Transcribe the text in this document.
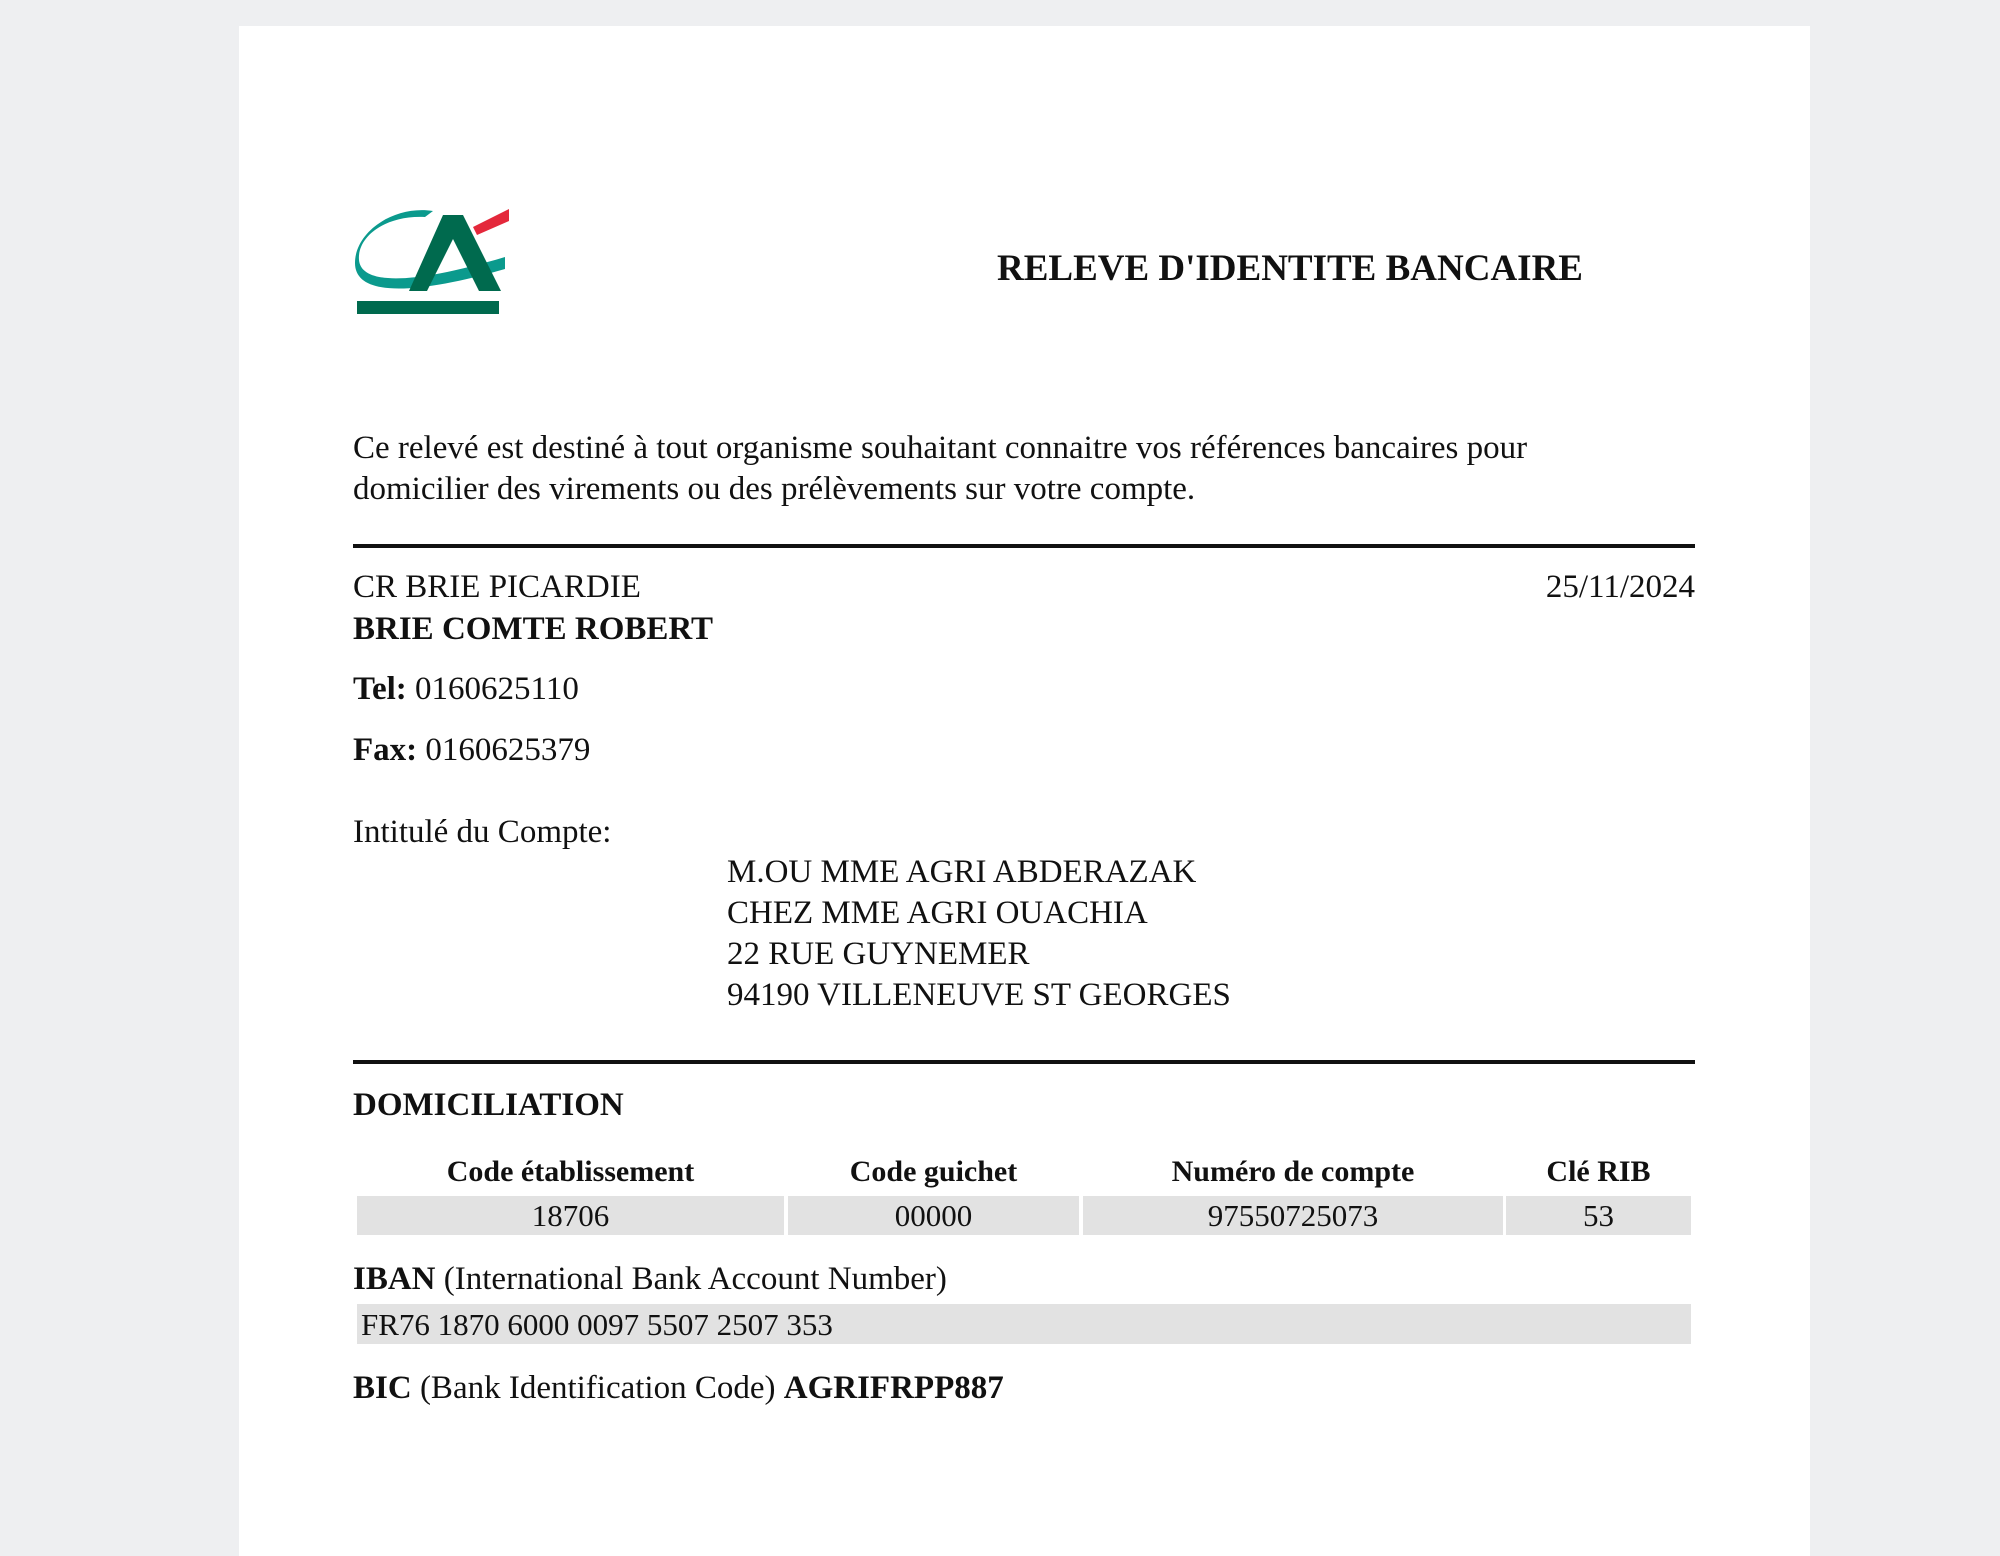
RELEVE D'IDENTITE BANCAIRE
Ce relevé est destiné à tout organisme souhaitant connaitre vos références bancaires pour
domicilier des virements ou des prélèvements sur votre compte.
CR BRIE PICARDIE	25/11/2024
BRIE COMTE ROBERT
Tel: 0160625110
Fax: 0160625379
Intitulé du Compte:
M.OU MME AGRI ABDERAZAK
CHEZ MME AGRI OUACHIA
22 RUE GUYNEMER
94190 VILLENEUVE ST GEORGES
DOMICILIATION
Code établissement	Code guichet	Numéro de compte	Clé RIB
18706	00000	97550725073	53
IBAN (International Bank Account Number)
FR76 1870 6000 0097 5507 2507 353
BIC (Bank Identification Code) AGRIFRPP887
